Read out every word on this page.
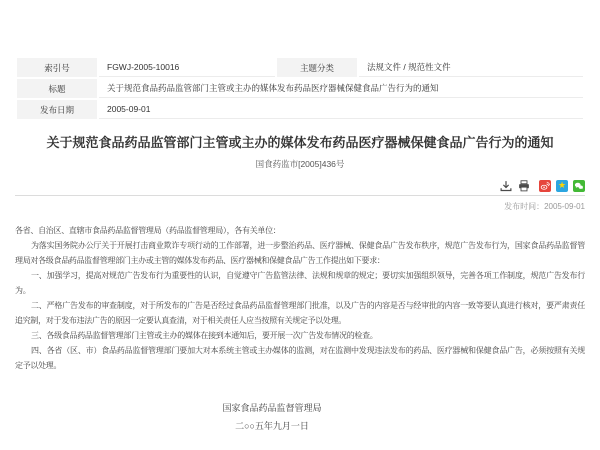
索引号	FGWJ-2005-10016	主题分类	法规文件 / 规范性文件
标题	关于规范食品药品监管部门主管或主办的媒体发布药品医疗器械保健食品广告行为的通知		
发布日期	2005-09-01		
关于规范食品药品监管部门主管或主办的媒体发布药品医疗器械保健食品广告行为的通知
国食药监市[2005]436号
★
发布时间：2005-09-01

各省、自治区、直辖市食品药品监督管理局（药品监督管理局），各有关单位：

为落实国务院办公厅关于开展打击商业欺诈专项行动的工作部署，进一步整治药品、医疗器械、保健食品广告发布秩序，规范广告发布行为，国家食品药品监督管理局对各级食品药品监督管理部门主办或主管的媒体发布药品、医疗器械和保健食品广告工作提出如下要求：

一、加强学习，提高对规范广告发布行为重要性的认识，自觉遵守广告监管法律、法规和规章的规定；要切实加强组织领导，完善各项工作制度，规范广告发布行为。

二、严格广告发布的审查制度，对于所发布的广告是否经过食品药品监督管理部门批准，以及广告的内容是否与经审批的内容一致等要认真进行核对，要严肃责任追究制，对于发布违法广告的原因一定要认真查清，对于相关责任人应当按照有关规定予以处理。

三、各级食品药品监督管理部门主管或主办的媒体在接到本通知后，要开展一次广告发布情况的检查。

四、各省（区、市）食品药品监督管理部门要加大对本系统主管或主办媒体的监测，对在监测中发现违法发布的药品、医疗器械和保健食品广告，必须按照有关规定予以处理。

国家食品药品监督管理局
二○○五年九月一日
